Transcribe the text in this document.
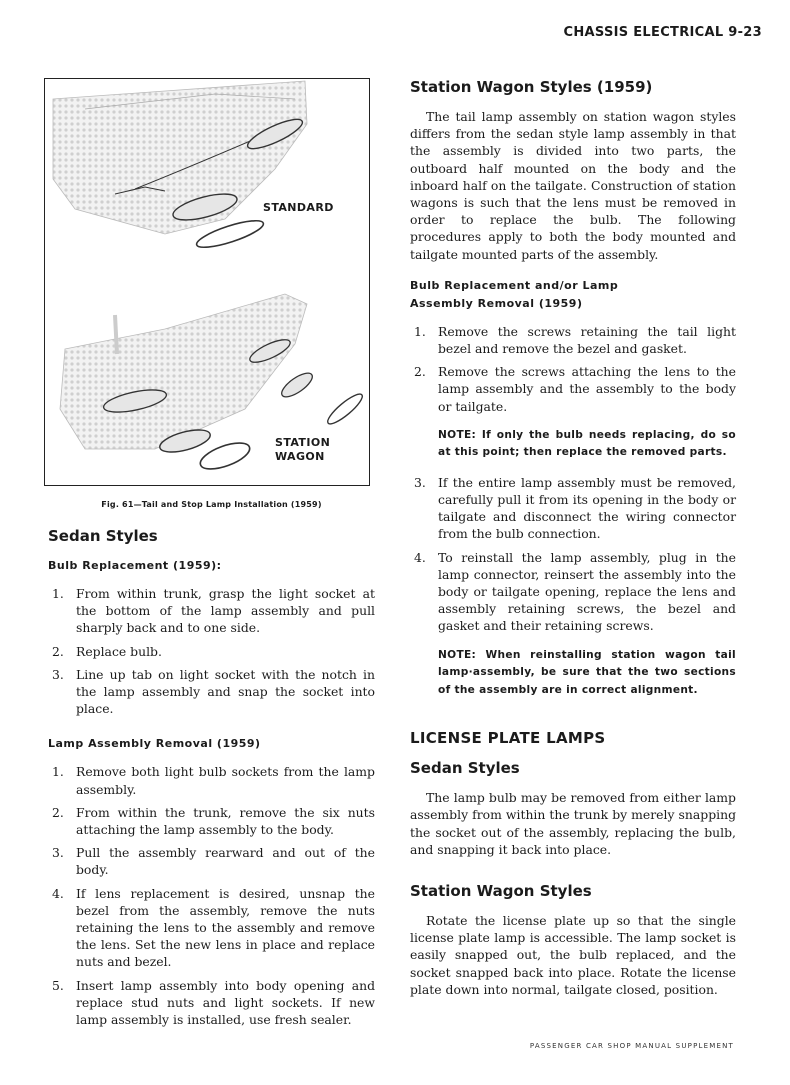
CHASSIS ELECTRICAL 9-23
STANDARD
STATION
WAGON
Fig. 61—Tail and Stop Lamp Installation (1959)
Sedan Styles
Bulb Replacement (1959):
1. From within trunk, grasp the light socket at the bottom of the lamp assembly and pull sharply back and to one side.
2. Replace bulb.
3. Line up tab on light socket with the notch in the lamp assembly and snap the socket into place.
Lamp Assembly Removal (1959)
1. Remove both light bulb sockets from the lamp assembly.
2. From within the trunk, remove the six nuts attaching the lamp assembly to the body.
3. Pull the assembly rearward and out of the body.
4. If lens replacement is desired, unsnap the bezel from the assembly, remove the nuts retaining the lens to the assembly and remove the lens. Set the new lens in place and replace nuts and bezel.
5. Insert lamp assembly into body opening and replace stud nuts and light sockets. If new lamp assembly is installed, use fresh sealer.
Station Wagon Styles (1959)

The tail lamp assembly on station wagon styles differs from the sedan style lamp assembly in that the assembly is divided into two parts, the outboard half mounted on the body and the inboard half on the tailgate. Construction of station wagons is such that the lens must be removed in order to replace the bulb. The following procedures apply to both the body mounted and tailgate mounted parts of the assembly.

Bulb Replacement and/or Lamp
Assembly Removal (1959)
1. Remove the screws retaining the tail light bezel and remove the bezel and gasket.
2. Remove the screws attaching the lens to the lamp assembly and the assembly to the body or tailgate.
NOTE: If only the bulb needs replacing, do so at this point; then replace the removed parts.
3. If the entire lamp assembly must be removed, carefully pull it from its opening in the body or tailgate and disconnect the wiring connector from the bulb connection.
4. To reinstall the lamp assembly, plug in the lamp connector, reinsert the assembly into the body or tailgate opening, replace the lens and assembly retaining screws, the bezel and gasket and their retaining screws.
NOTE: When reinstalling station wagon tail lamp·assembly, be sure that the two sections of the assembly are in correct alignment.
LICENSE PLATE LAMPS
Sedan Styles

The lamp bulb may be removed from either lamp assembly from within the trunk by merely snapping the socket out of the assembly, replacing the bulb, and snapping it back into place.

Station Wagon Styles

Rotate the license plate up so that the single license plate lamp is accessible. The lamp socket is easily snapped out, the bulb replaced, and the socket snapped back into place. Rotate the license plate down into normal, tailgate closed, position.

PASSENGER CAR SHOP MANUAL SUPPLEMENT
